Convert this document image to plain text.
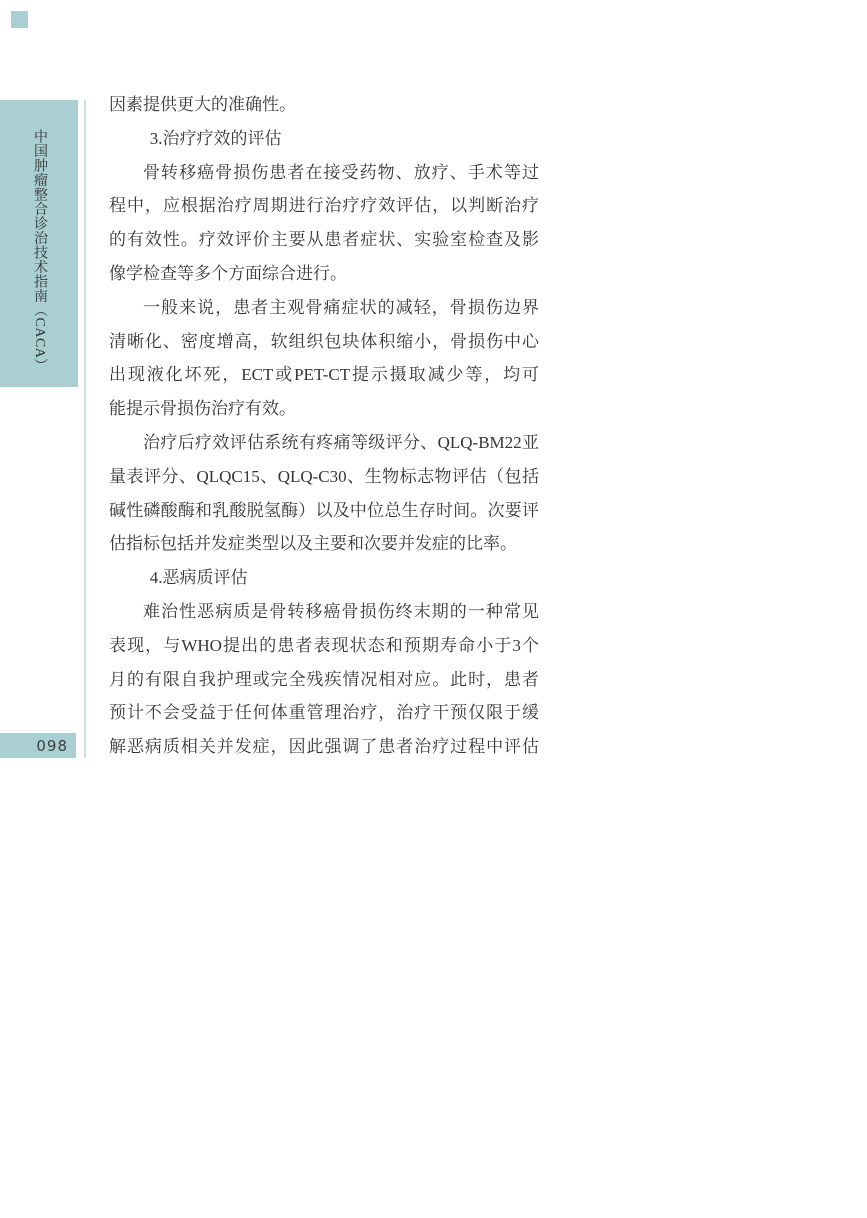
中国肿瘤整合诊治技术指南（CACA）
098
因素提供更大的准确性。
3.治疗疗效的评估
骨转移癌骨损伤患者在接受药物、放疗、手术等过
程中，应根据治疗周期进行治疗疗效评估，以判断治疗
的有效性。疗效评价主要从患者症状、实验室检查及影
像学检查等多个方面综合进行。
一般来说，患者主观骨痛症状的减轻，骨损伤边界
清晰化、密度增高，软组织包块体积缩小，骨损伤中心
出现液化坏死，ECT或PET-CT提示摄取减少等，均可
能提示骨损伤治疗有效。
治疗后疗效评估系统有疼痛等级评分、QLQ-BM22亚
量表评分、QLQC15、QLQ-C30、生物标志物评估（包括
碱性磷酸酶和乳酸脱氢酶）以及中位总生存时间。次要评
估指标包括并发症类型以及主要和次要并发症的比率。
4.恶病质评估
难治性恶病质是骨转移癌骨损伤终末期的一种常见
表现，与WHO提出的患者表现状态和预期寿命小于3个
月的有限自我护理或完全残疾情况相对应。此时，患者
预计不会受益于任何体重管理治疗，治疗干预仅限于缓
解恶病质相关并发症，因此强调了患者治疗过程中评估
